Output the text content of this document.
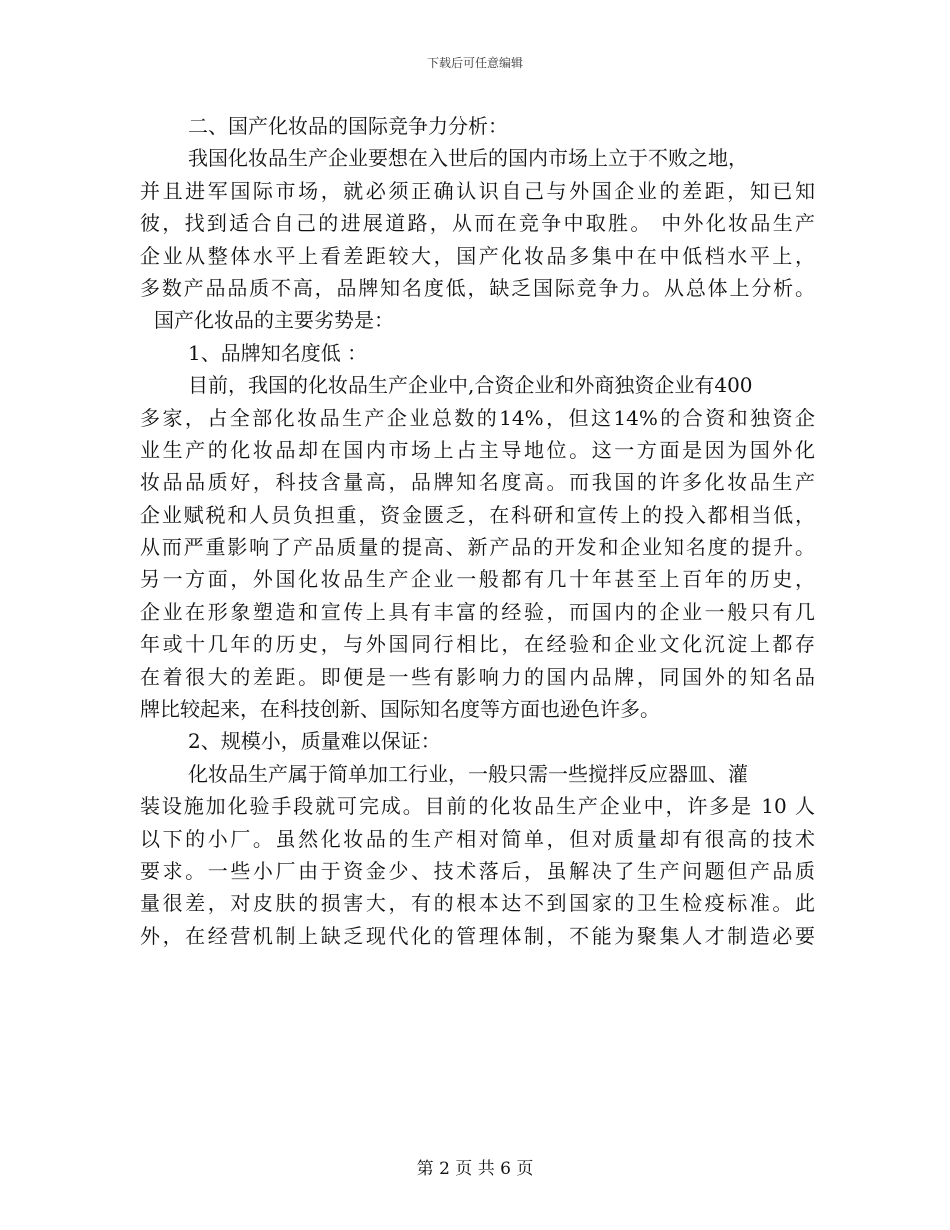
下载后可任意编辑
二、国产化妆品的国际竞争力分析：
我国化妆品生产企业要想在入世后的国内市场上立于不败之地，
并且进军国际市场，就必须正确认识自己与外国企业的差距，知已知
彼，找到适合自己的进展道路，从而在竞争中取胜。 中外化妆品生产
企业从整体水平上看差距较大，国产化妆品多集中在中低档水平上，
多数产品品质不高，品牌知名度低，缺乏国际竞争力。从总体上分析。
国产化妆品的主要劣势是：
1、品牌知名度低 ：
目前，我国的化妆品生产企业中,合资企业和外商独资企业有400
多家，占全部化妆品生产企业总数的14%，但这14%的合资和独资企
业生产的化妆品却在国内市场上占主导地位。这一方面是因为国外化
妆品品质好，科技含量高，品牌知名度高。而我国的许多化妆品生产
企业赋税和人员负担重，资金匮乏，在科研和宣传上的投入都相当低，
从而严重影响了产品质量的提高、新产品的开发和企业知名度的提升。
另一方面，外国化妆品生产企业一般都有几十年甚至上百年的历史，
企业在形象塑造和宣传上具有丰富的经验，而国内的企业一般只有几
年或十几年的历史，与外国同行相比，在经验和企业文化沉淀上都存
在着很大的差距。即便是一些有影响力的国内品牌，同国外的知名品
牌比较起来，在科技创新、国际知名度等方面也逊色许多。
2、规模小，质量难以保证：
化妆品生产属于简单加工行业，一般只需一些搅拌反应器皿、灌
装设施加化验手段就可完成。目前的化妆品生产企业中，许多是 10 人
以下的小厂。虽然化妆品的生产相对简单，但对质量却有很高的技术
要求。一些小厂由于资金少、技术落后，虽解决了生产问题但产品质
量很差，对皮肤的损害大，有的根本达不到国家的卫生检疫标准。此
外，在经营机制上缺乏现代化的管理体制，不能为聚集人才制造必要
第 2 页 共 6 页
